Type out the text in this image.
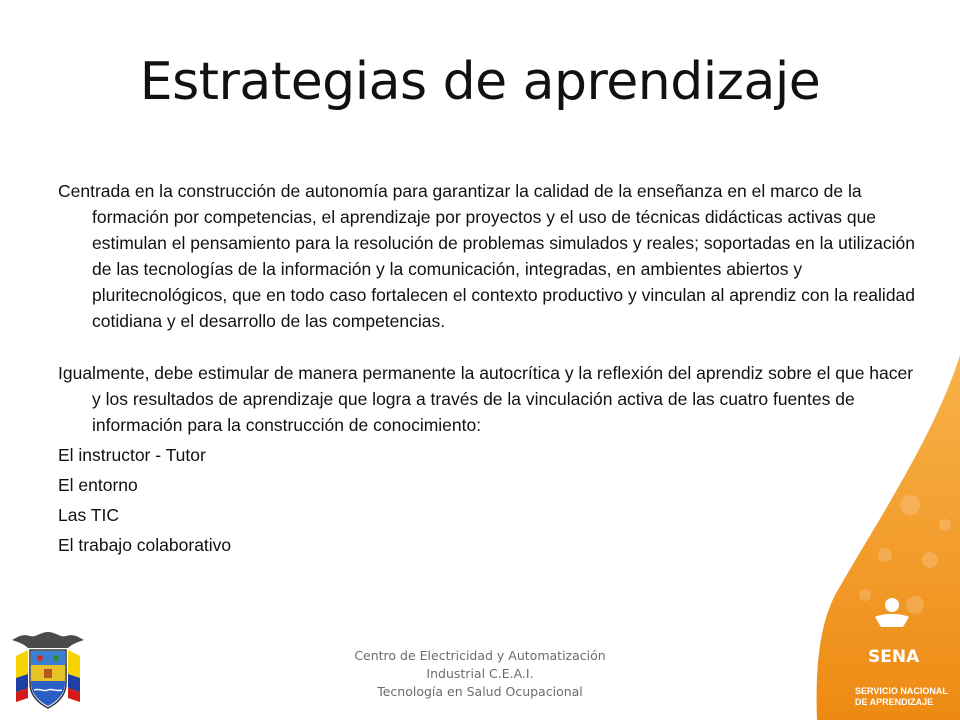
Estrategias de aprendizaje

Centrada en la construcción de autonomía para garantizar la calidad de la enseñanza en el marco de la formación por competencias, el aprendizaje por proyectos y el uso de técnicas didácticas activas que estimulan el pensamiento para la resolución de problemas simulados y reales; soportadas en la utilización de las tecnologías de la información y la comunicación, integradas, en ambientes abiertos y pluritecnológicos, que en todo caso fortalecen el contexto productivo y vinculan al aprendiz con la realidad cotidiana y el desarrollo de las competencias.

Igualmente, debe estimular de manera permanente la autocrítica y la reflexión del aprendiz sobre el que hacer y los resultados de aprendizaje que logra a través de la vinculación activa de las cuatro fuentes de información para la construcción de conocimiento:

El instructor - Tutor

El entorno

Las TIC

El trabajo colaborativo

Centro de Electricidad y Automatización
Industrial C.E.A.I.
Tecnología en Salud Ocupacional
SENA
SERVICIO NACIONAL
DE APRENDIZAJE
